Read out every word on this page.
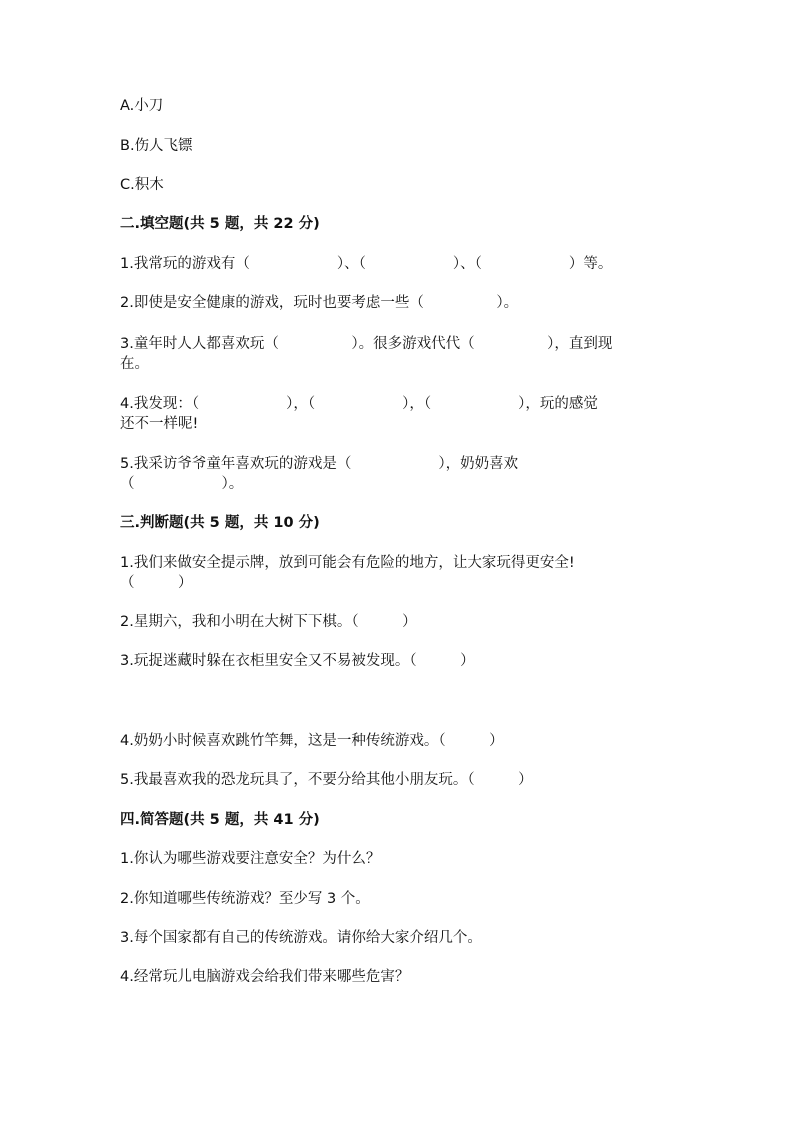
A.小刀
B.伤人飞镖
C.积木
二.填空题(共 5 题，共 22 分)
1.我常玩的游戏有（　　　　　　）、（　　　　　　）、（　　　　　　）等。
2.即使是安全健康的游戏，玩时也要考虑一些（　　　　　）。
3.童年时人人都喜欢玩（　　　　　）。很多游戏代代（　　　　　），直到现
在。
4.我发现：（　　　　　　），（　　　　　　），（　　　　　　），玩的感觉
还不一样呢!
5.我采访爷爷童年喜欢玩的游戏是（　　　　　　），奶奶喜欢
（　　　　　　）。
三.判断题(共 5 题，共 10 分)
1.我们来做安全提示牌，放到可能会有危险的地方，让大家玩得更安全!
（　　　）
2.星期六，我和小明在大树下下棋。（　　　）
3.玩捉迷藏时躲在衣柜里安全又不易被发现。（　　　）
4.奶奶小时候喜欢跳竹竿舞，这是一种传统游戏。（　　　）
5.我最喜欢我的恐龙玩具了，不要分给其他小朋友玩。（　　　）
四.简答题(共 5 题，共 41 分)
1.你认为哪些游戏要注意安全？为什么？
2.你知道哪些传统游戏？至少写 3 个。
3.每个国家都有自己的传统游戏。请你给大家介绍几个。
4.经常玩儿电脑游戏会给我们带来哪些危害？
